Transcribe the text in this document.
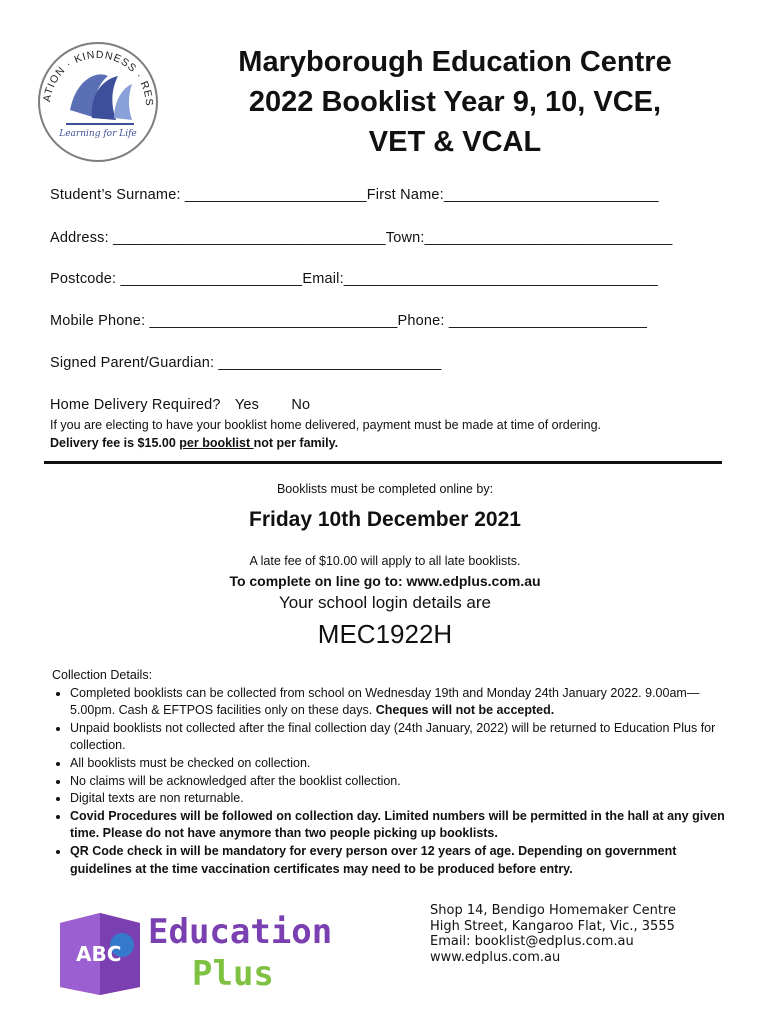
ATION · KINDNESS · RES
Learning for Life
Maryborough Education Centre
2022 Booklist Year 9, 10, VCE,
VET & VCAL
Student’s Surname: ______________________First Name:__________________________
Address: _________________________________Town:______________________________
Postcode: ______________________Email:______________________________________
Mobile Phone: ______________________________Phone: ________________________
Signed Parent/Guardian: ___________________________
Home Delivery Required? Yes No
If you are electing to have your booklist home delivered, payment must be made at time of ordering.
Delivery fee is $15.00 per booklist not per family.
Booklists must be completed online by:
Friday 10th December 2021
A late fee of $10.00 will apply to all late booklists.
To complete on line go to: www.edplus.com.au
Your school login details are
MEC1922H
Collection Details:
• Completed booklists can be collected from school on Wednesday 19th and Monday 24th January 2022. 9.00am—5.00pm. Cash & EFTPOS facilities only on these days. Cheques will not be accepted.
• Unpaid booklists not collected after the final collection day (24th January, 2022) will be returned to Education Plus for collection.
• All booklists must be checked on collection.
• No claims will be acknowledged after the booklist collection.
• Digital texts are non returnable.
• Covid Procedures will be followed on collection day. Limited numbers will be permitted in the hall at any given time. Please do not have anymore than two people picking up booklists.
• QR Code check in will be mandatory for every person over 12 years of age. Depending on government guidelines at the time vaccination certificates may need to be produced before entry.
ABC
Education
Plus
Shop 14, Bendigo Homemaker Centre
High Street, Kangaroo Flat, Vic., 3555
Email: booklist@edplus.com.au
www.edplus.com.au
